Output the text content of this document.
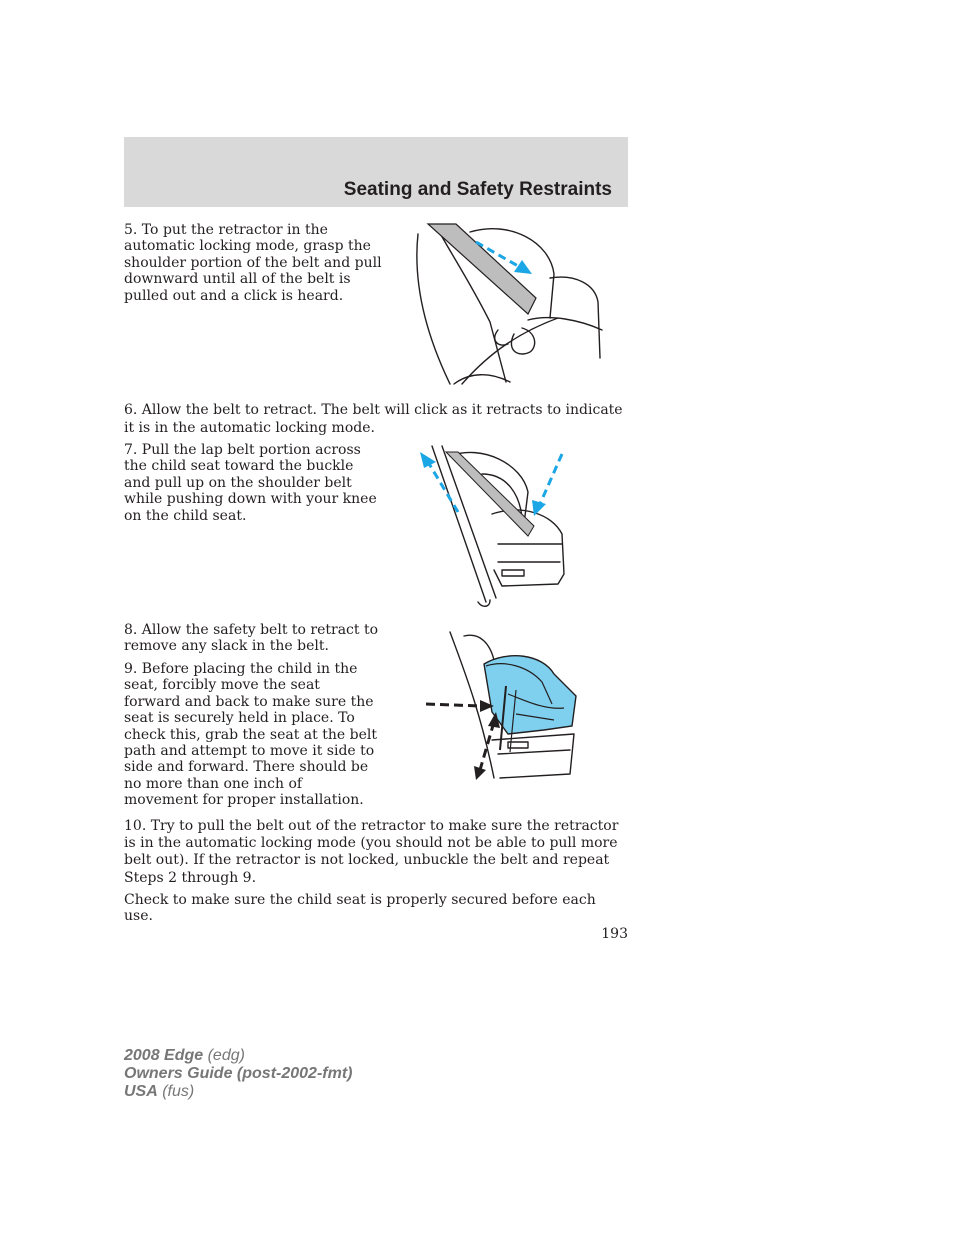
Seating and Safety Restraints

5. To put the retractor in the automatic locking mode, grasp the shoulder portion of the belt and pull downward until all of the belt is pulled out and a click is heard.

6. Allow the belt to retract. The belt will click as it retracts to indicate it is in the automatic locking mode.

7. Pull the lap belt portion across the child seat toward the buckle and pull up on the shoulder belt while pushing down with your knee on the child seat.

8. Allow the safety belt to retract to remove any slack in the belt.

9. Before placing the child in the seat, forcibly move the seat forward and back to make sure the seat is securely held in place. To check this, grab the seat at the belt path and attempt to move it side to side and forward. There should be no more than one inch of movement for proper installation.

10. Try to pull the belt out of the retractor to make sure the retractor is in the automatic locking mode (you should not be able to pull more belt out). If the retractor is not locked, unbuckle the belt and repeat Steps 2 through 9.

Check to make sure the child seat is properly secured before each use.

193
2008 Edge (edg)
Owners Guide (post-2002-fmt)
USA (fus)
